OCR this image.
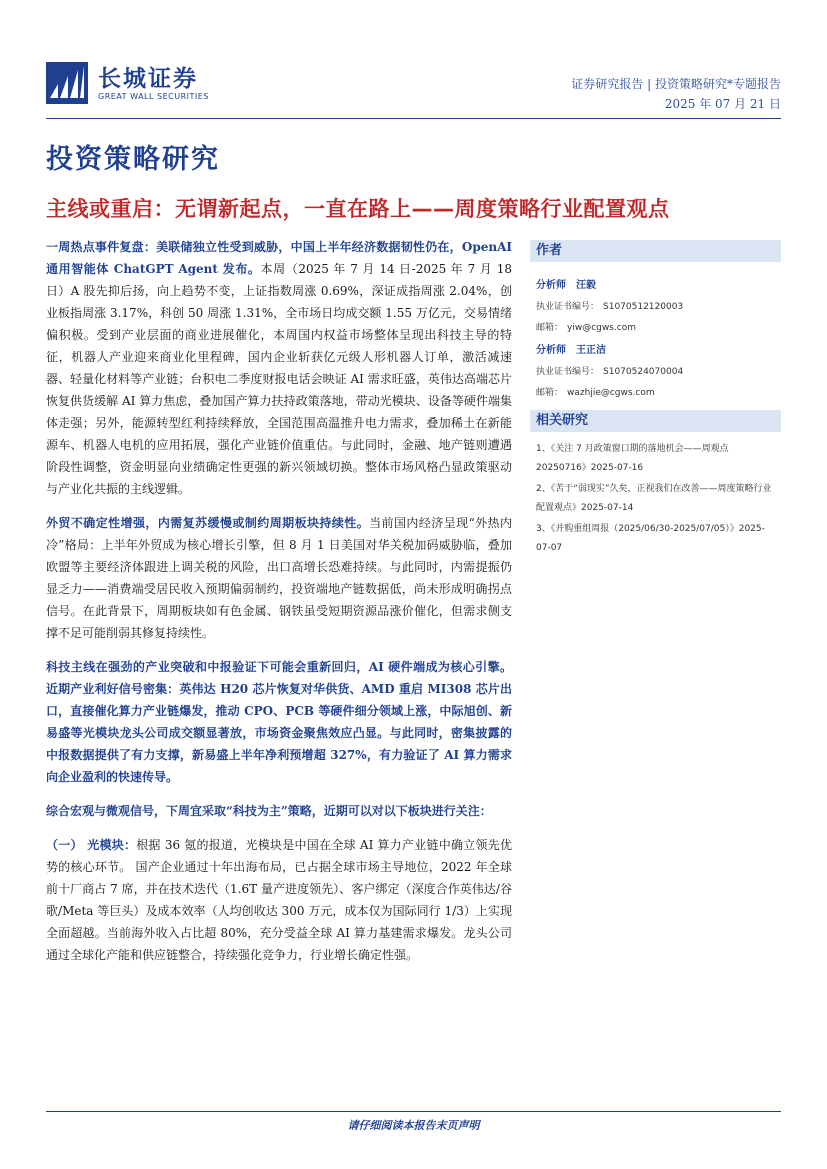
长城证券
GREAT WALL SECURITIES
证券研究报告 | 投资策略研究*专题报告
2025 年 07 月 21 日
投资策略研究
主线或重启：无谓新起点，一直在路上——周度策略行业配置观点

一周热点事件复盘：美联储独立性受到威胁，中国上半年经济数据韧性仍在，OpenAI 通用智能体 ChatGPT Agent 发布。本周（2025 年 7 月 14 日-2025 年 7 月 18 日）A 股先抑后扬，向上趋势不变，上证指数周涨 0.69%，深证成指周涨 2.04%，创业板指周涨 3.17%，科创 50 周涨 1.31%，全市场日均成交额 1.55 万亿元，交易情绪偏积极。受到产业层面的商业进展催化，本周国内权益市场整体呈现出科技主导的特征，机器人产业迎来商业化里程碑，国内企业斩获亿元级人形机器人订单，激活减速器、轻量化材料等产业链；台积电二季度财报电话会映证 AI 需求旺盛，英伟达高端芯片恢复供货缓解 AI 算力焦虑，叠加国产算力扶持政策落地，带动光模块、设备等硬件端集体走强；另外，能源转型红利持续释放，全国范围高温推升电力需求，叠加稀土在新能源车、机器人电机的应用拓展，强化产业链价值重估。与此同时，金融、地产链则遭遇阶段性调整，资金明显向业绩确定性更强的新兴领域切换。整体市场风格凸显政策驱动与产业化共振的主线逻辑。

外贸不确定性增强，内需复苏缓慢或制约周期板块持续性。当前国内经济呈现“外热内冷”格局：上半年外贸成为核心增长引擎，但 8 月 1 日美国对华关税加码威胁临，叠加欧盟等主要经济体跟进上调关税的风险，出口高增长恐难持续。与此同时，内需提振仍显乏力——消费端受居民收入预期偏弱制约，投资端地产链数据低，尚未形成明确拐点信号。在此背景下，周期板块如有色金属、钢铁虽受短期资源品涨价催化，但需求侧支撑不足可能削弱其修复持续性。

科技主线在强劲的产业突破和中报验证下可能会重新回归，AI 硬件端成为核心引擎。 近期产业利好信号密集：英伟达 H20 芯片恢复对华供货、AMD 重启 MI308 芯片出口，直接催化算力产业链爆发，推动 CPO、PCB 等硬件细分领域上涨，中际旭创、新易盛等光模块龙头公司成交额显著放，市场资金聚焦效应凸显。与此同时，密集披露的中报数据提供了有力支撑，新易盛上半年净利预增超 327%，有力验证了 AI 算力需求向企业盈利的快速传导。

综合宏观与微观信号，下周宜采取“科技为主”策略，近期可以对以下板块进行关注：

（一） 光模块：根据 36 氪的报道，光模块是中国在全球 AI 算力产业链中确立领先优势的核心环节。 国产企业通过十年出海布局，已占据全球市场主导地位，2022 年全球前十厂商占 7 席，并在技术迭代（1.6T 量产进度领先）、客户绑定（深度合作英伟达/谷歌/Meta 等巨头）及成本效率（人均创收达 300 万元，成本仅为国际同行 1/3）上实现全面超越。当前海外收入占比超 80%，充分受益全球 AI 算力基建需求爆发。龙头公司通过全球化产能和供应链整合，持续强化竞争力，行业增长确定性强。

作者
分析师 汪毅
执业证书编号： S1070512120003
邮箱： yiw@cgws.com
分析师 王正洁
执业证书编号： S1070524070004
邮箱： wazhjie@cgws.com
相关研究
1、《关注 7 月政策窗口期的落地机会——周观点 20250716》2025-07-16
2、《苦于“弱现实”久矣，正视我们在改善——周度策略行业配置观点》2025-07-14
3、《并购重组周报（2025/06/30-2025/07/05）》2025-07-07
请仔细阅读本报告末页声明
